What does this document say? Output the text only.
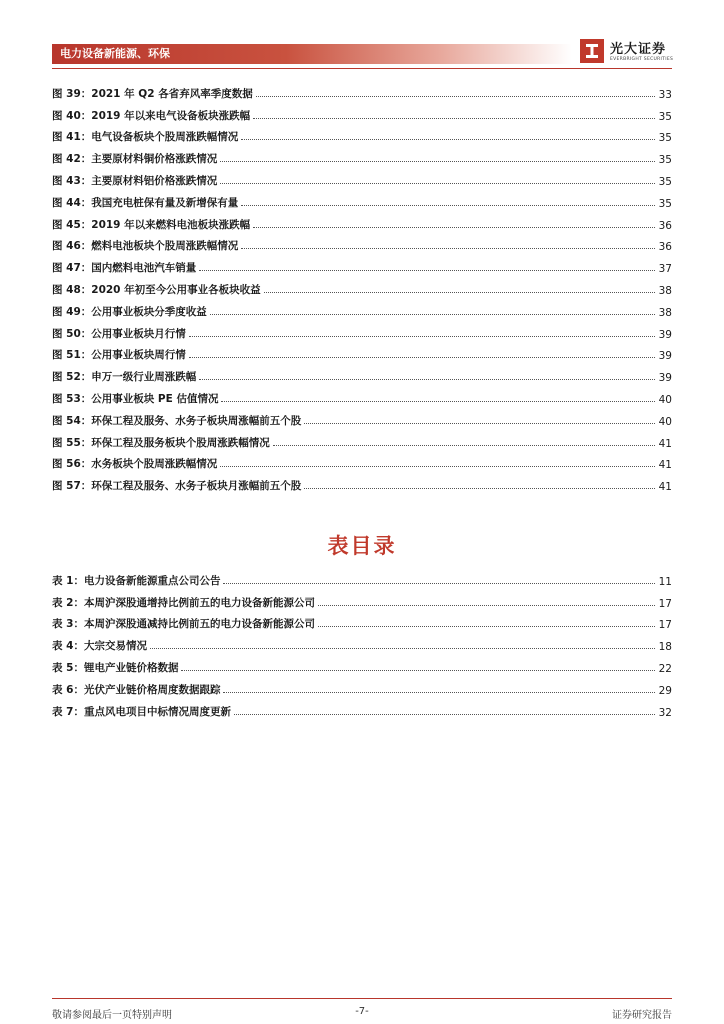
电力设备新能源、环保	光大证券
EVERBRIGHT SECURITIES
图 39：2021 年 Q2 各省弃风率季度数据	33
图 40：2019 年以来电气设备板块涨跌幅	35
图 41：电气设备板块个股周涨跌幅情况	35
图 42：主要原材料铜价格涨跌情况	35
图 43：主要原材料铝价格涨跌情况	35
图 44：我国充电桩保有量及新增保有量	35
图 45：2019 年以来燃料电池板块涨跌幅	36
图 46：燃料电池板块个股周涨跌幅情况	36
图 47：国内燃料电池汽车销量	37
图 48：2020 年初至今公用事业各板块收益	38
图 49：公用事业板块分季度收益	38
图 50：公用事业板块月行情	39
图 51：公用事业板块周行情	39
图 52：申万一级行业周涨跌幅	39
图 53：公用事业板块 PE 估值情况	40
图 54：环保工程及服务、水务子板块周涨幅前五个股	40
图 55：环保工程及服务板块个股周涨跌幅情况	41
图 56：水务板块个股周涨跌幅情况	41
图 57：环保工程及服务、水务子板块月涨幅前五个股	41
表目录
表 1：电力设备新能源重点公司公告	11
表 2：本周沪深股通增持比例前五的电力设备新能源公司	17
表 3：本周沪深股通减持比例前五的电力设备新能源公司	17
表 4：大宗交易情况	18
表 5：锂电产业链价格数据	22
表 6：光伏产业链价格周度数据跟踪	29
表 7：重点风电项目中标情况周度更新	32
敬请参阅最后一页特别声明	-7-	证券研究报告
